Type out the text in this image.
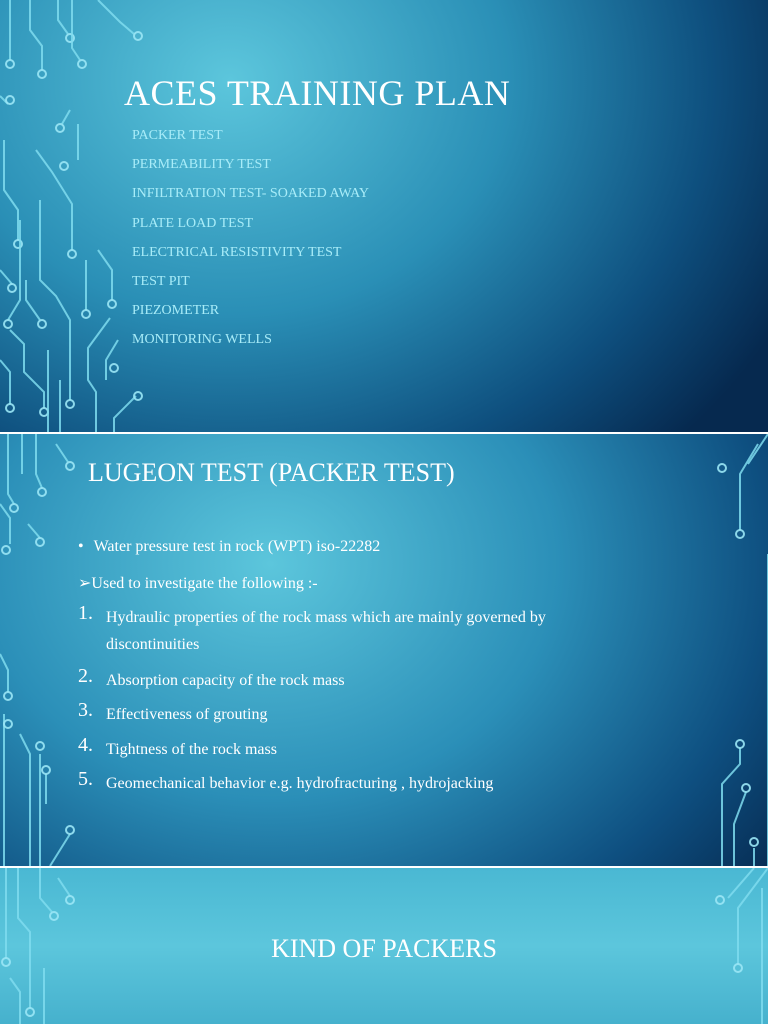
ACES TRAINING PLAN
PACKER TEST
PERMEABILITY TEST
INFILTRATION TEST- SOAKED AWAY
PLATE LOAD TEST
ELECTRICAL RESISTIVITY TEST
TEST PIT
PIEZOMETER
MONITORING WELLS
LUGEON TEST (PACKER TEST)
• Water pressure test in rock (WPT) iso-22282
➢Used to investigate the following :-
1. Hydraulic properties of the rock mass which are mainly governed by discontinuities
2. Absorption capacity of the rock mass
3. Effectiveness of grouting
4. Tightness of the rock mass
5. Geomechanical behavior e.g. hydrofracturing , hydrojacking
KIND OF PACKERS
